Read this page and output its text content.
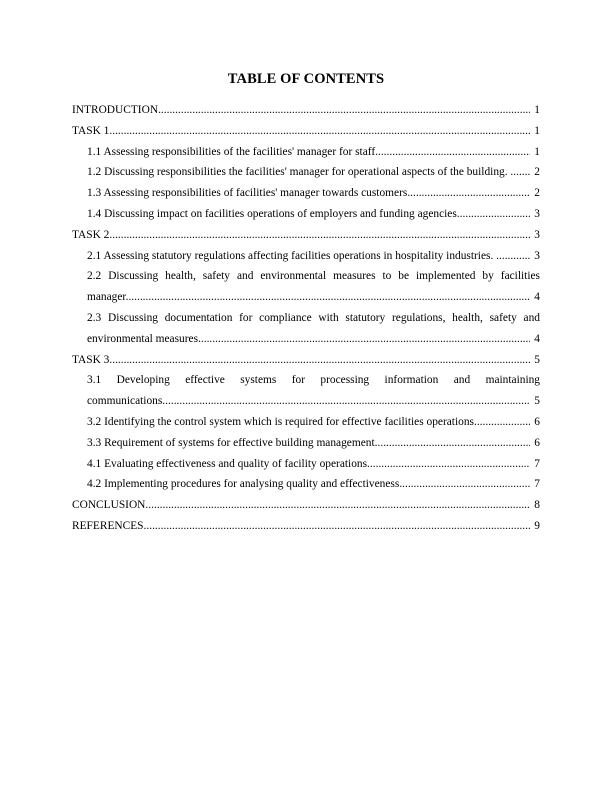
TABLE OF CONTENTS
INTRODUCTION .....	1
TASK 1 .....	1
1.1 Assessing responsibilities of the facilities' manager for staff .....	1
1.2 Discussing responsibilities the facilities' manager for operational aspects of the building. .....	2
1.3 Assessing responsibilities of facilities' manager towards customers .....	2
1.4 Discussing impact on facilities operations of employers and funding agencies .....	3
TASK 2 .....	3
2.1 Assessing statutory regulations affecting facilities operations in hospitality industries. .....	3
2.2 Discussing health, safety and environmental measures to be implemented by facilities
manager .....	4
2.3 Discussing documentation for compliance with statutory regulations, health, safety and
environmental measures .....	4
TASK 3 .....	5
3.1 Developing effective systems for processing information and maintaining
communications .....	5
3.2 Identifying the control system which is required for effective facilities operations .....	6
3.3 Requirement of systems for effective building management .....	6
4.1 Evaluating effectiveness and quality of facility operations .....	7
4.2 Implementing procedures for analysing quality and effectiveness .....	7
CONCLUSION .....	8
REFERENCES .....	9
